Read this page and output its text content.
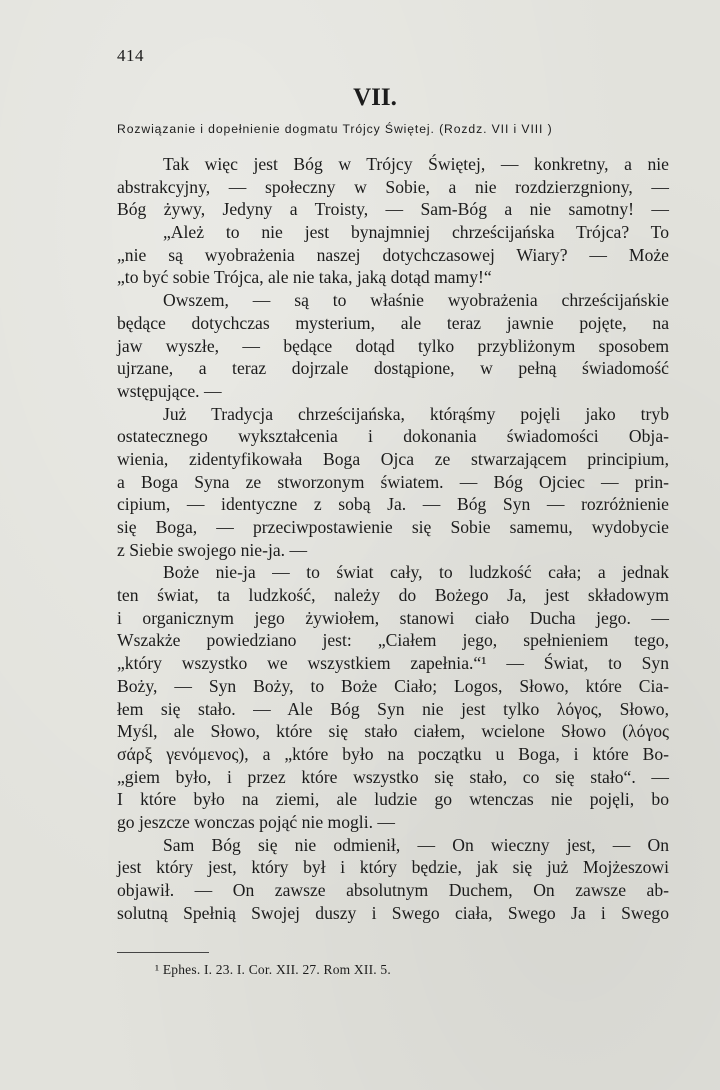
414
VII.
Rozwiązanie i dopełnienie dogmatu Trójcy Świętej. (Rozdz. VII i VIII )
Tak więc jest Bóg w Trójcy Świętej, — konkretny, a nie
abstrakcyjny, — społeczny w Sobie, a nie rozdzierzgniony, —
Bóg żywy, Jedyny a Troisty, — Sam-Bóg a nie samotny! —
„Ależ to nie jest bynajmniej chrześcijańska Trójca? To
„nie są wyobrażenia naszej dotychczasowej Wiary? — Może
„to być sobie Trójca, ale nie taka, jaką dotąd mamy!“
Owszem, — są to właśnie wyobrażenia chrześcijańskie
będące dotychczas mysterium, ale teraz jawnie pojęte, na
jaw wyszłe, — będące dotąd tylko przybliżonym sposobem
ujrzane, a teraz dojrzale dostąpione, w pełną świadomość
wstępujące. —
Już Tradycja chrześcijańska, którąśmy pojęli jako tryb
ostatecznego wykształcenia i dokonania świadomości Obja-
wienia, zidentyfikowała Boga Ojca ze stwarzającem principium,
a Boga Syna ze stworzonym światem. — Bóg Ojciec — prin-
cipium, — identyczne z sobą Ja. — Bóg Syn — rozróżnienie
się Boga, — przeciwpostawienie się Sobie samemu, wydobycie
z Siebie swojego nie-ja. —
Boże nie-ja — to świat cały, to ludzkość cała; a jednak
ten świat, ta ludzkość, należy do Bożego Ja, jest składowym
i organicznym jego żywiołem, stanowi ciało Ducha jego. —
Wszakże powiedziano jest: „Ciałem jego, spełnieniem tego,
„który wszystko we wszystkiem zapełnia.“¹ — Świat, to Syn
Boży, — Syn Boży, to Boże Ciało; Logos, Słowo, które Cia-
łem się stało. — Ale Bóg Syn nie jest tylko λόγος, Słowo,
Myśl, ale Słowo, które się stało ciałem, wcielone Słowo (λόγος
σάρξ γενόμενος), a „które było na początku u Boga, i które Bo-
„giem było, i przez które wszystko się stało, co się stało“. —
I które było na ziemi, ale ludzie go wtenczas nie pojęli, bo
go jeszcze wonczas pojąć nie mogli. —
Sam Bóg się nie odmienił, — On wieczny jest, — On
jest który jest, który był i który będzie, jak się już Mojżeszowi
objawił. — On zawsze absolutnym Duchem, On zawsze ab-
solutną Spełnią Swojej duszy i Swego ciała, Swego Ja i Swego
¹ Ephes. I. 23. I. Cor. XII. 27. Rom XII. 5.
